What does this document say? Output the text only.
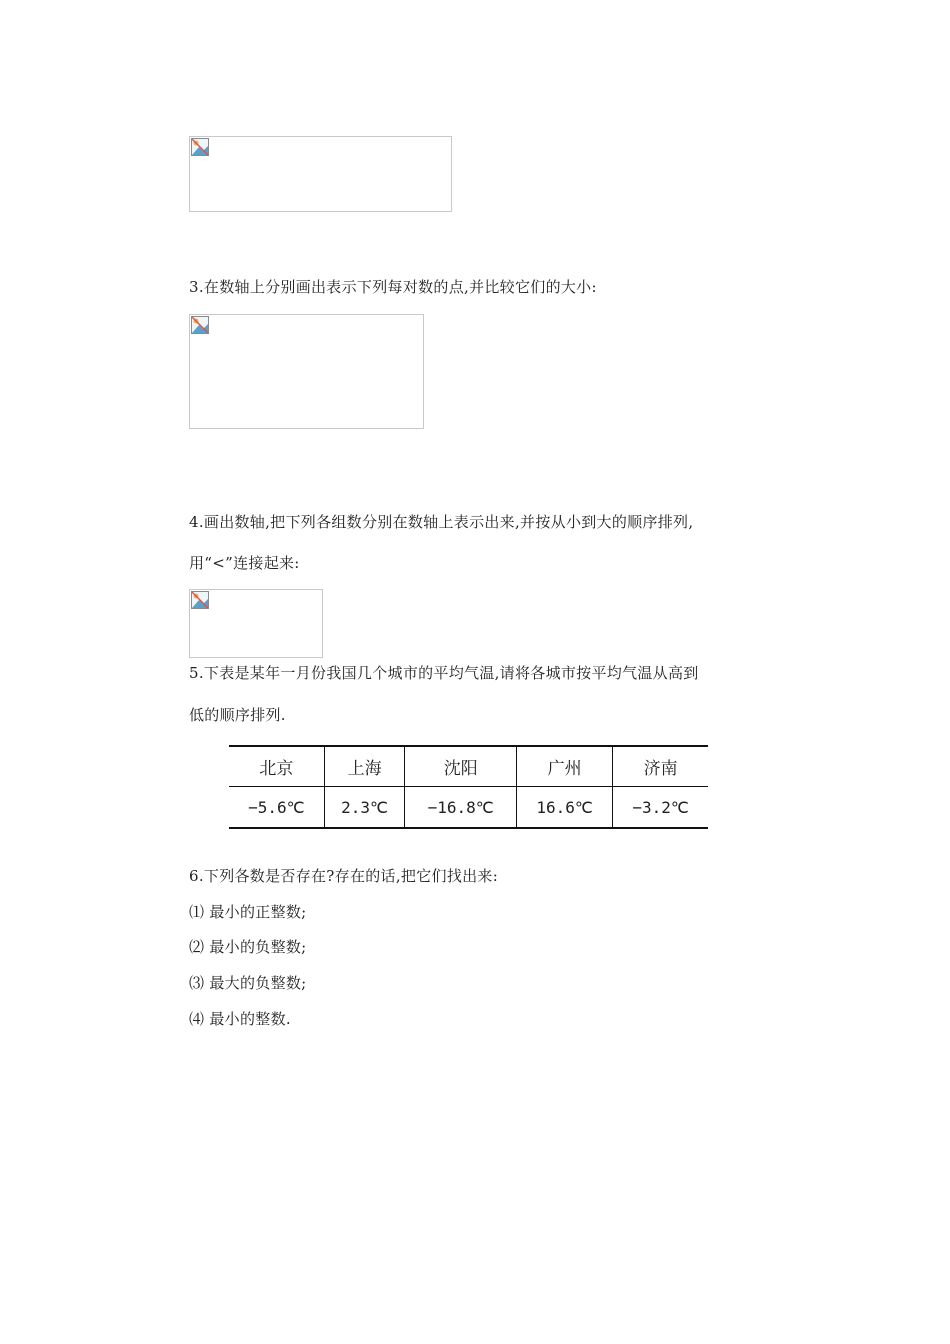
3.在数轴上分别画出表示下列每对数的点,并比较它们的大小:
4.画出数轴,把下列各组数分别在数轴上表示出来,并按从小到大的顺序排列,
用“<”连接起来:
5.下表是某年一月份我国几个城市的平均气温,请将各城市按平均气温从高到
低的顺序排列.
北京	上海	沈阳	广州	济南
−5.6℃	2.3℃	−16.8℃	16.6℃	−3.2℃
6.下列各数是否存在?存在的话,把它们找出来:
⑴ 最小的正整数;
⑵ 最小的负整数;
⑶ 最大的负整数;
⑷ 最小的整数.
